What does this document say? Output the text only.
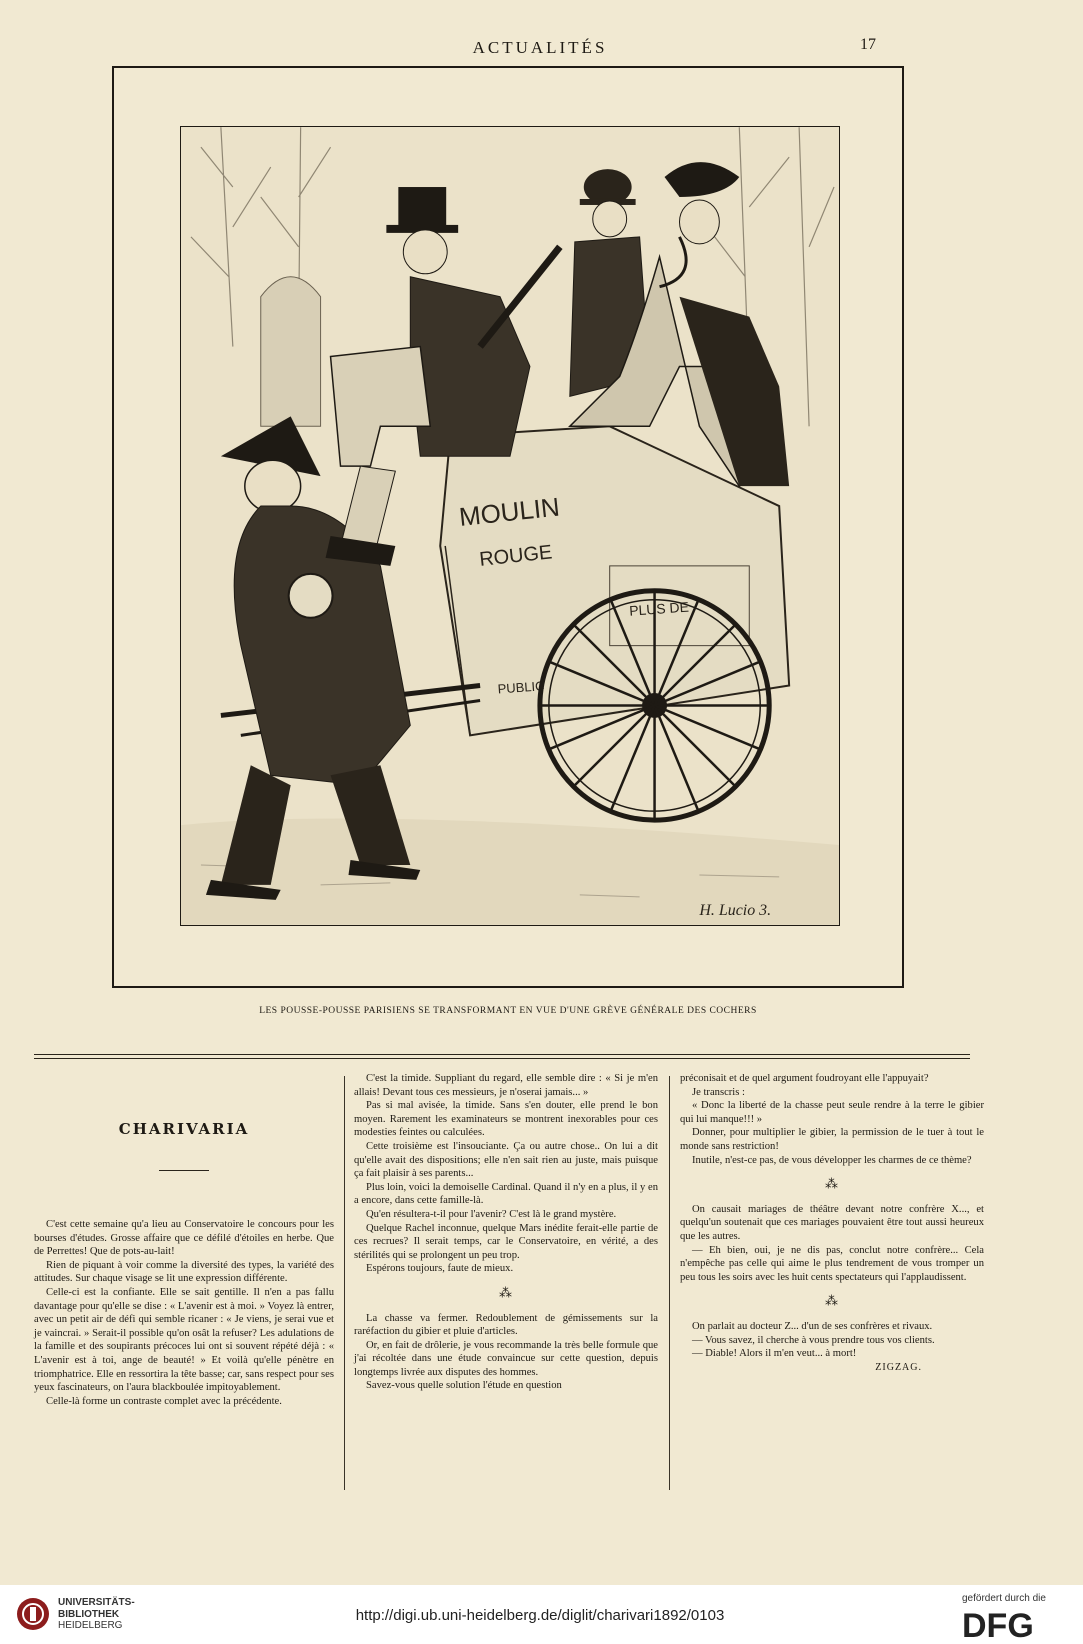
ACTUALITÉS	17
MOULIN
ROUGE
PLUS DE
PUBLIC
H. Lucio 3.
LES POUSSE-POUSSE PARISIENS SE TRANSFORMANT EN VUE D'UNE GRÈVE GÉNÉRALE DES COCHERS
CHARIVARIA

C'est cette semaine qu'a lieu au Conservatoire le concours pour les bourses d'études. Grosse affaire que ce défilé d'étoiles en herbe. Que de Perrettes! Que de pots-au-lait!

Rien de piquant à voir comme la diversité des types, la variété des attitudes. Sur chaque visage se lit une expression différente.

Celle-ci est la confiante. Elle se sait gentille. Il n'en a pas fallu davantage pour qu'elle se dise : « L'avenir est à moi. » Voyez là entrer, avec un petit air de défi qui semble ricaner : « Je viens, je serai vue et je vaincrai. » Serait-il possible qu'on osât la refuser? Les adulations de la famille et des soupirants précoces lui ont si souvent répété déjà : « L'avenir est à toi, ange de beauté! » Et voilà qu'elle pénètre en triomphatrice. Elle en ressortira la tête basse; car, sans respect pour ses yeux fascinateurs, on l'aura blackboulée impitoyablement.

Celle-là forme un contraste complet avec la précédente.

C'est la timide. Suppliant du regard, elle semble dire : « Si je m'en allais! Devant tous ces messieurs, je n'oserai jamais... »

Pas si mal avisée, la timide. Sans s'en douter, elle prend le bon moyen. Rarement les examinateurs se montrent inexorables pour ces modesties feintes ou calculées.

Cette troisième est l'insouciante. Ça ou autre chose.. On lui a dit qu'elle avait des dispositions; elle n'en sait rien au juste, mais puisque ça fait plaisir à ses parents...

Plus loin, voici la demoiselle Cardinal. Quand il n'y en a plus, il y en a encore, dans cette famille-là.

Qu'en résultera-t-il pour l'avenir? C'est là le grand mystère.

Quelque Rachel inconnue, quelque Mars inédite ferait-elle partie de ces recrues? Il serait temps, car le Conservatoire, en vérité, a des stérilités qui se prolongent un peu trop.

Espérons toujours, faute de mieux.

⁂

La chasse va fermer. Redoublement de gémissements sur la raréfaction du gibier et pluie d'articles.

Or, en fait de drôlerie, je vous recommande la très belle formule que j'ai récoltée dans une étude convaincue sur cette question, depuis longtemps livrée aux disputes des hommes.

Savez-vous quelle solution l'étude en question

préconisait et de quel argument foudroyant elle l'appuyait?

Je transcris :

« Donc la liberté de la chasse peut seule rendre à la terre le gibier qui lui manque!!! »

Donner, pour multiplier le gibier, la permission de le tuer à tout le monde sans restriction!

Inutile, n'est-ce pas, de vous développer les charmes de ce thème?

⁂

On causait mariages de théâtre devant notre confrère X..., et quelqu'un soutenait que ces mariages pouvaient être tout aussi heureux que les autres.

— Eh bien, oui, je ne dis pas, conclut notre confrère... Cela n'empêche pas celle qui aime le plus tendrement de vous tromper un peu tous les soirs avec les huit cents spectateurs qui l'applaudissent.

⁂

On parlait au docteur Z... d'un de ses confrères et rivaux.

— Vous savez, il cherche à vous prendre tous vos clients.

— Diable! Alors il m'en veut... à mort!

ZIGZAG.
UNIVERSITÄTS-
BIBLIOTHEK
HEIDELBERG
http://digi.ub.uni-heidelberg.de/diglit/charivari1892/0103
gefördert durch die
DFG
